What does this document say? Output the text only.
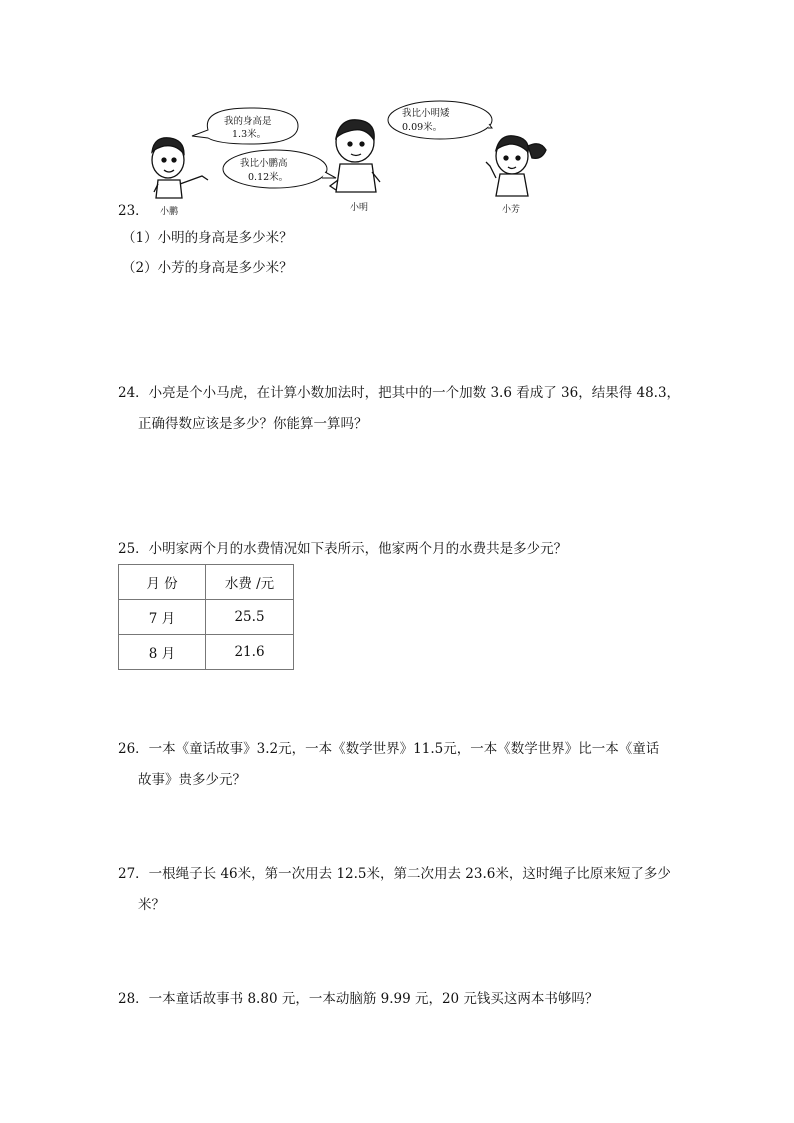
我的身高是
1.3米。
我比小鹏高
0.12米。
我比小明矮
0.09米。
小鹏	小明	小芳
23．
（1）小明的身高是多少米？
（2）小芳的身高是多少米？
24．小亮是个小马虎，在计算小数加法时，把其中的一个加数 3.6 看成了 36，结果得 48.3，
正确得数应该是多少？你能算一算吗？
25．小明家两个月的水费情况如下表所示，他家两个月的水费共是多少元？
月 份	水费 /元
7 月	25.5
8 月	21.6
26．一本《童话故事》3.2元，一本《数学世界》11.5元，一本《数学世界》比一本《童话
故事》贵多少元？
27．一根绳子长 46米，第一次用去 12.5米，第二次用去 23.6米，这时绳子比原来短了多少
米？
28．一本童话故事书 8.80 元，一本动脑筋 9.99 元，20 元钱买这两本书够吗？
